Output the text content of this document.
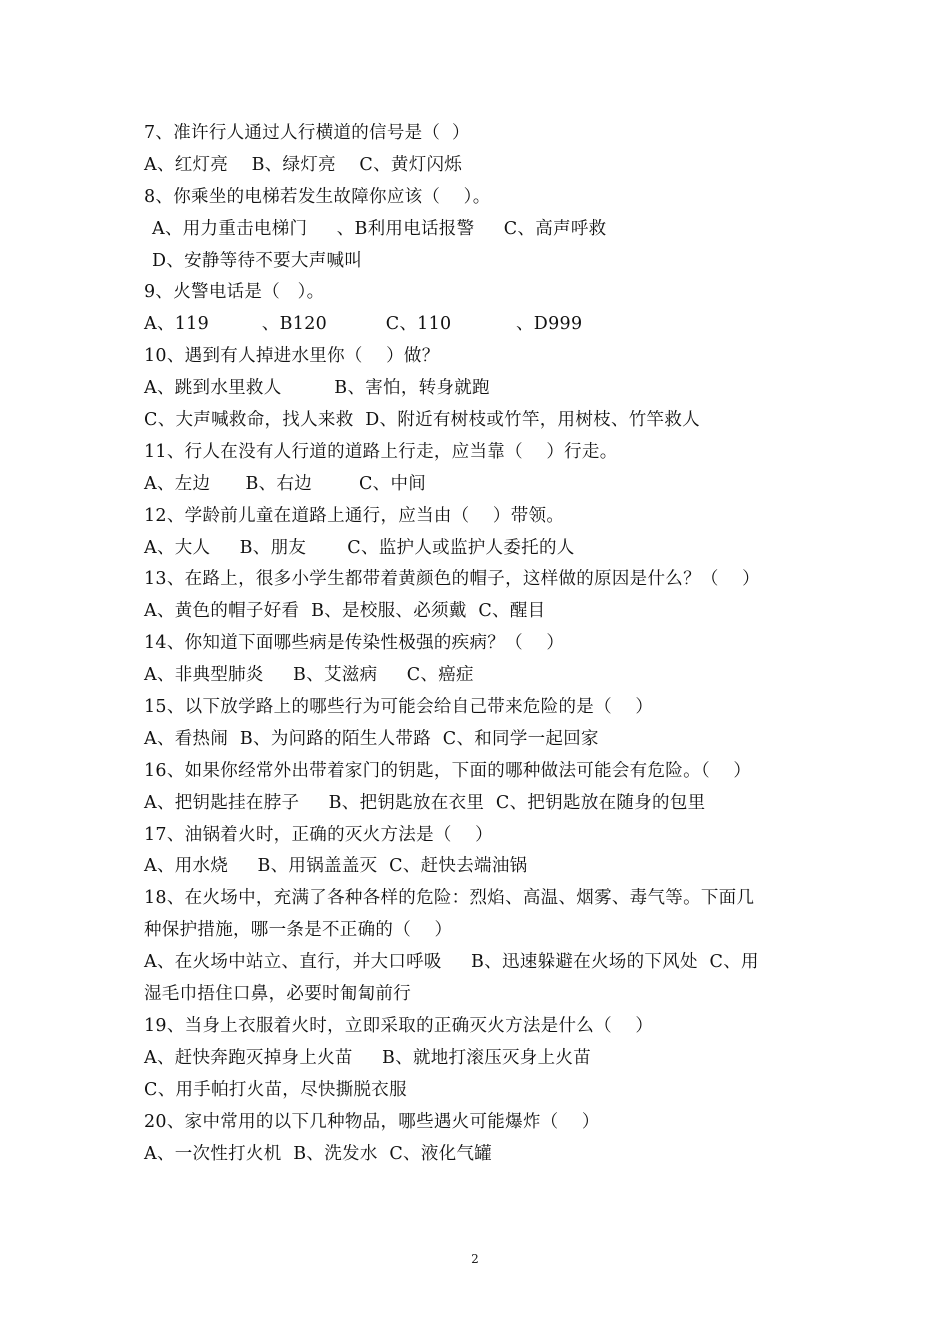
7、准许行人通过人行横道的信号是（  ）
A、红灯亮    B、绿灯亮    C、黄灯闪烁
8、你乘坐的电梯若发生故障你应该（    ）。
A、用力重击电梯门     、B利用电话报警     C、高声呼救
D、安静等待不要大声喊叫
9、火警电话是（   ）。
A、119         、B120          C、110           、D999
10、遇到有人掉进水里你（    ）做？
A、跳到水里救人         B、害怕，转身就跑
C、大声喊救命，找人来救  D、附近有树枝或竹竿，用树枝、竹竿救人
11、行人在没有人行道的道路上行走，应当靠（    ）行走。
A、左边      B、右边        C、中间
12、学龄前儿童在道路上通行，应当由（    ）带领。
A、大人     B、朋友       C、监护人或监护人委托的人
13、在路上，很多小学生都带着黄颜色的帽子，这样做的原因是什么？（    ）
A、黄色的帽子好看  B、是校服、必须戴  C、醒目
14、你知道下面哪些病是传染性极强的疾病？（    ）
A、非典型肺炎     B、艾滋病     C、癌症
15、以下放学路上的哪些行为可能会给自己带来危险的是（    ）
A、看热闹  B、为问路的陌生人带路  C、和同学一起回家
16、如果你经常外出带着家门的钥匙，下面的哪种做法可能会有危险。（    ）
A、把钥匙挂在脖子     B、把钥匙放在衣里  C、把钥匙放在随身的包里
17、油锅着火时，正确的灭火方法是（    ）
A、用水烧     B、用锅盖盖灭  C、赶快去端油锅
18、在火场中，充满了各种各样的危险：烈焰、高温、烟雾、毒气等。下面几
种保护措施，哪一条是不正确的（    ）
A、在火场中站立、直行，并大口呼吸     B、迅速躲避在火场的下风处  C、用
湿毛巾捂住口鼻，必要时匍匐前行
19、当身上衣服着火时，立即采取的正确灭火方法是什么（    ）
A、赶快奔跑灭掉身上火苗     B、就地打滚压灭身上火苗
C、用手帕打火苗，尽快撕脱衣服
20、家中常用的以下几种物品，哪些遇火可能爆炸（    ）
A、一次性打火机  B、洗发水  C、液化气罐
2
